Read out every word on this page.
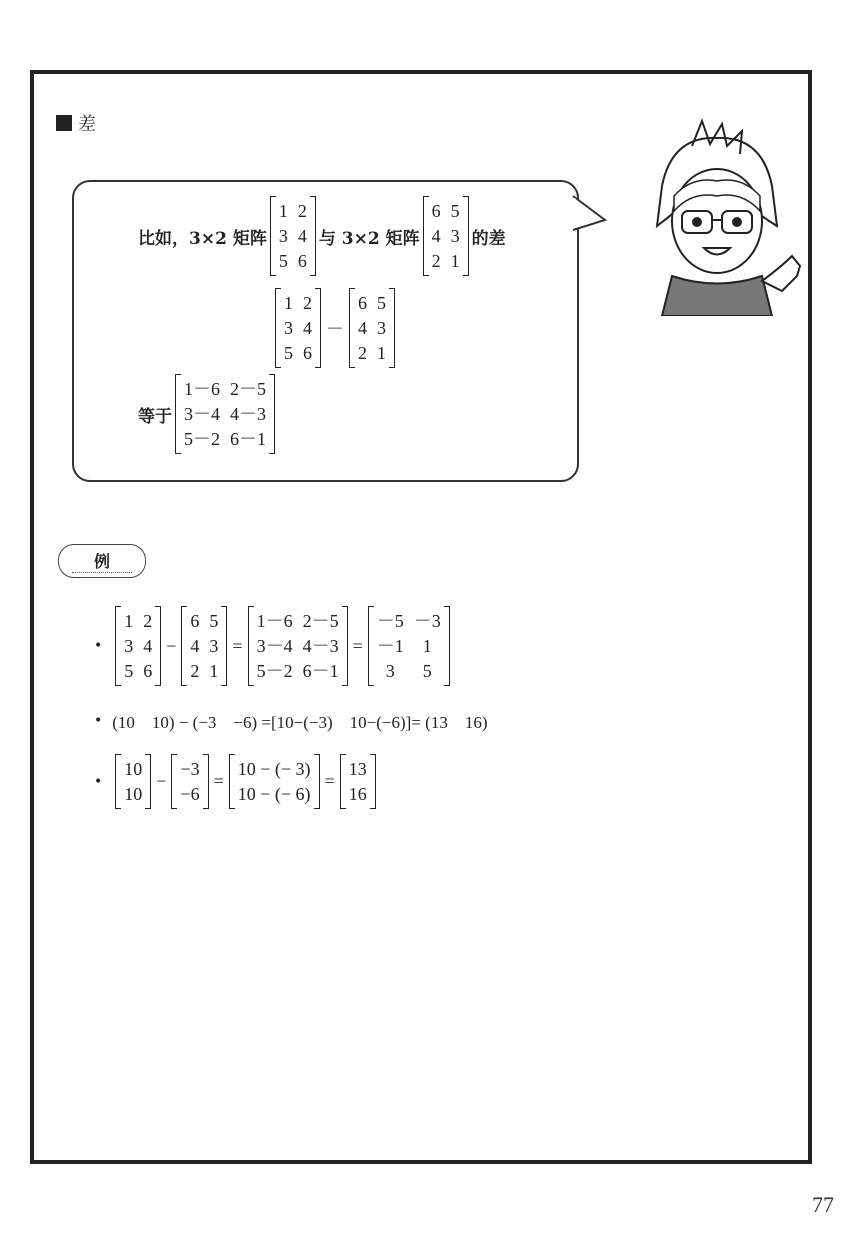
差
比如，3×2 矩阵
1 2
3 4
5 6
与 3×2 矩阵
6 5
4 3
2 1
的差
1 2
3 4
5 6
－
6 5
4 3
2 1
等于
1－6 2－5
3－4 4－3
5－2 6－1
例
•
1 2
3 4
5 6
−
6 5
4 3
2 1
=
1－6 2－5
3－4 4－3
5－2 6－1
=
－5 －3
－1	1
3	5
• (10　10) − (−3　−6) =[10−(−3)　10−(−6)]= (13　16)
•
10
10
−
−3
−6
=
10 − (− 3)
10 − (− 6)
=
13
16
77
